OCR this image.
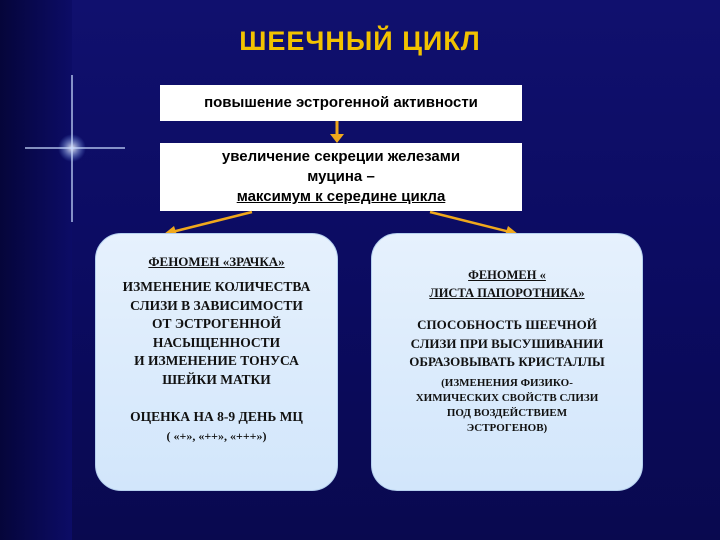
ШЕЕЧНЫЙ ЦИКЛ
повышение эстрогенной активности
увеличение секреции железами
муцина –
максимум к середине цикла
ФЕНОМЕН «ЗРАЧКА»
ИЗМЕНЕНИЕ КОЛИЧЕСТВА
СЛИЗИ В ЗАВИСИМОСТИ
ОТ ЭСТРОГЕННОЙ
НАСЫЩЕННОСТИ
И ИЗМЕНЕНИЕ ТОНУСА
ШЕЙКИ МАТКИ
ОЦЕНКА НА 8-9 ДЕНЬ МЦ
( «+», «++», «+++»)
ФЕНОМЕН «
ЛИСТА ПАПОРОТНИКА»
СПОСОБНОСТЬ ШЕЕЧНОЙ
СЛИЗИ ПРИ ВЫСУШИВАНИИ
ОБРАЗОВЫВАТЬ КРИСТАЛЛЫ
(ИЗМЕНЕНИЯ ФИЗИКО-
ХИМИЧЕСКИХ СВОЙСТВ СЛИЗИ
ПОД ВОЗДЕЙСТВИЕМ
ЭСТРОГЕНОВ)
